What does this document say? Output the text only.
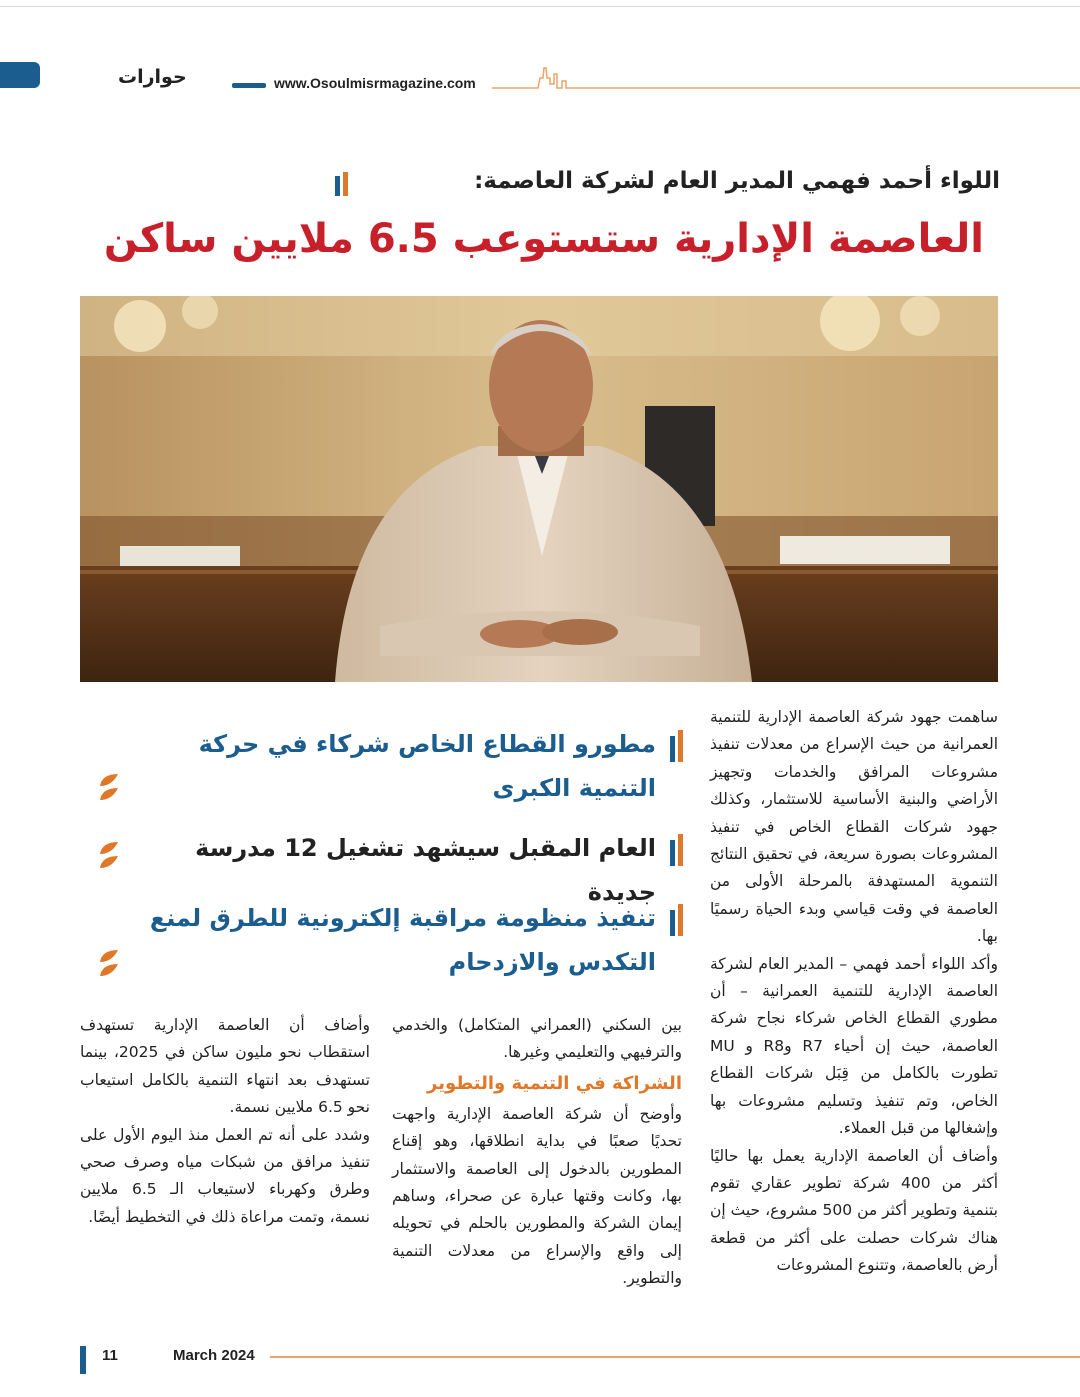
حوارات	www.Osoulmisrmagazine.com
اللواء أحمد فهمي المدير العام لشركة العاصمة:
العاصمة الإدارية ستستوعب 6.5 ملايين ساكن
مطورو القطاع الخاص شركاء في حركة التنمية الكبرى
العام المقبل سيشهد تشغيل 12 مدرسة جديدة
تنفيذ منظومة مراقبة إلكترونية للطرق لمنع التكدس والازدحام

ساهمت جهود شركة العاصمة الإدارية للتنمية العمرانية من حيث الإسراع من معدلات تنفيذ مشروعات المرافق والخدمات وتجهيز الأراضي والبنية الأساسية للاستثمار، وكذلك جهود شركات القطاع الخاص في تنفيذ المشروعات بصورة سريعة، في تحقيق النتائج التنموية المستهدفة بالمرحلة الأولى من العاصمة في وقت قياسي وبدء الحياة رسميًا بها.

وأكد اللواء أحمد فهمي – المدير العام لشركة العاصمة الإدارية للتنمية العمرانية – أن مطوري القطاع الخاص شركاء نجاح شركة العاصمة، حيث إن أحياء R7 وR8 و MU تطورت بالكامل من قِبَل شركات القطاع الخاص، وتم تنفيذ وتسليم مشروعات بها وإشغالها من قبل العملاء.

وأضاف أن العاصمة الإدارية يعمل بها حاليًا أكثر من 400 شركة تطوير عقاري تقوم بتنمية وتطوير أكثر من 500 مشروع، حيث إن هناك شركات حصلت على أكثر من قطعة أرض بالعاصمة، وتتنوع المشروعات

بين السكني (العمراني المتكامل) والخدمي والترفيهي والتعليمي وغيرها.

الشراكة في التنمية والتطوير

وأوضح أن شركة العاصمة الإدارية واجهت تحديًا صعبًا في بداية انطلاقها، وهو إقناع المطورين بالدخول إلى العاصمة والاستثمار بها، وكانت وقتها عبارة عن صحراء، وساهم إيمان الشركة والمطورين بالحلم في تحويله إلى واقع والإسراع من معدلات التنمية والتطوير.

وأضاف أن العاصمة الإدارية تستهدف استقطاب نحو مليون ساكن في 2025، بينما تستهدف بعد انتهاء التنمية بالكامل استيعاب نحو 6.5 ملايين نسمة.

وشدد على أنه تم العمل منذ اليوم الأول على تنفيذ مرافق من شبكات مياه وصرف صحي وطرق وكهرباء لاستيعاب الـ 6.5 ملايين نسمة، وتمت مراعاة ذلك في التخطيط أيضًا.

11	March 2024
